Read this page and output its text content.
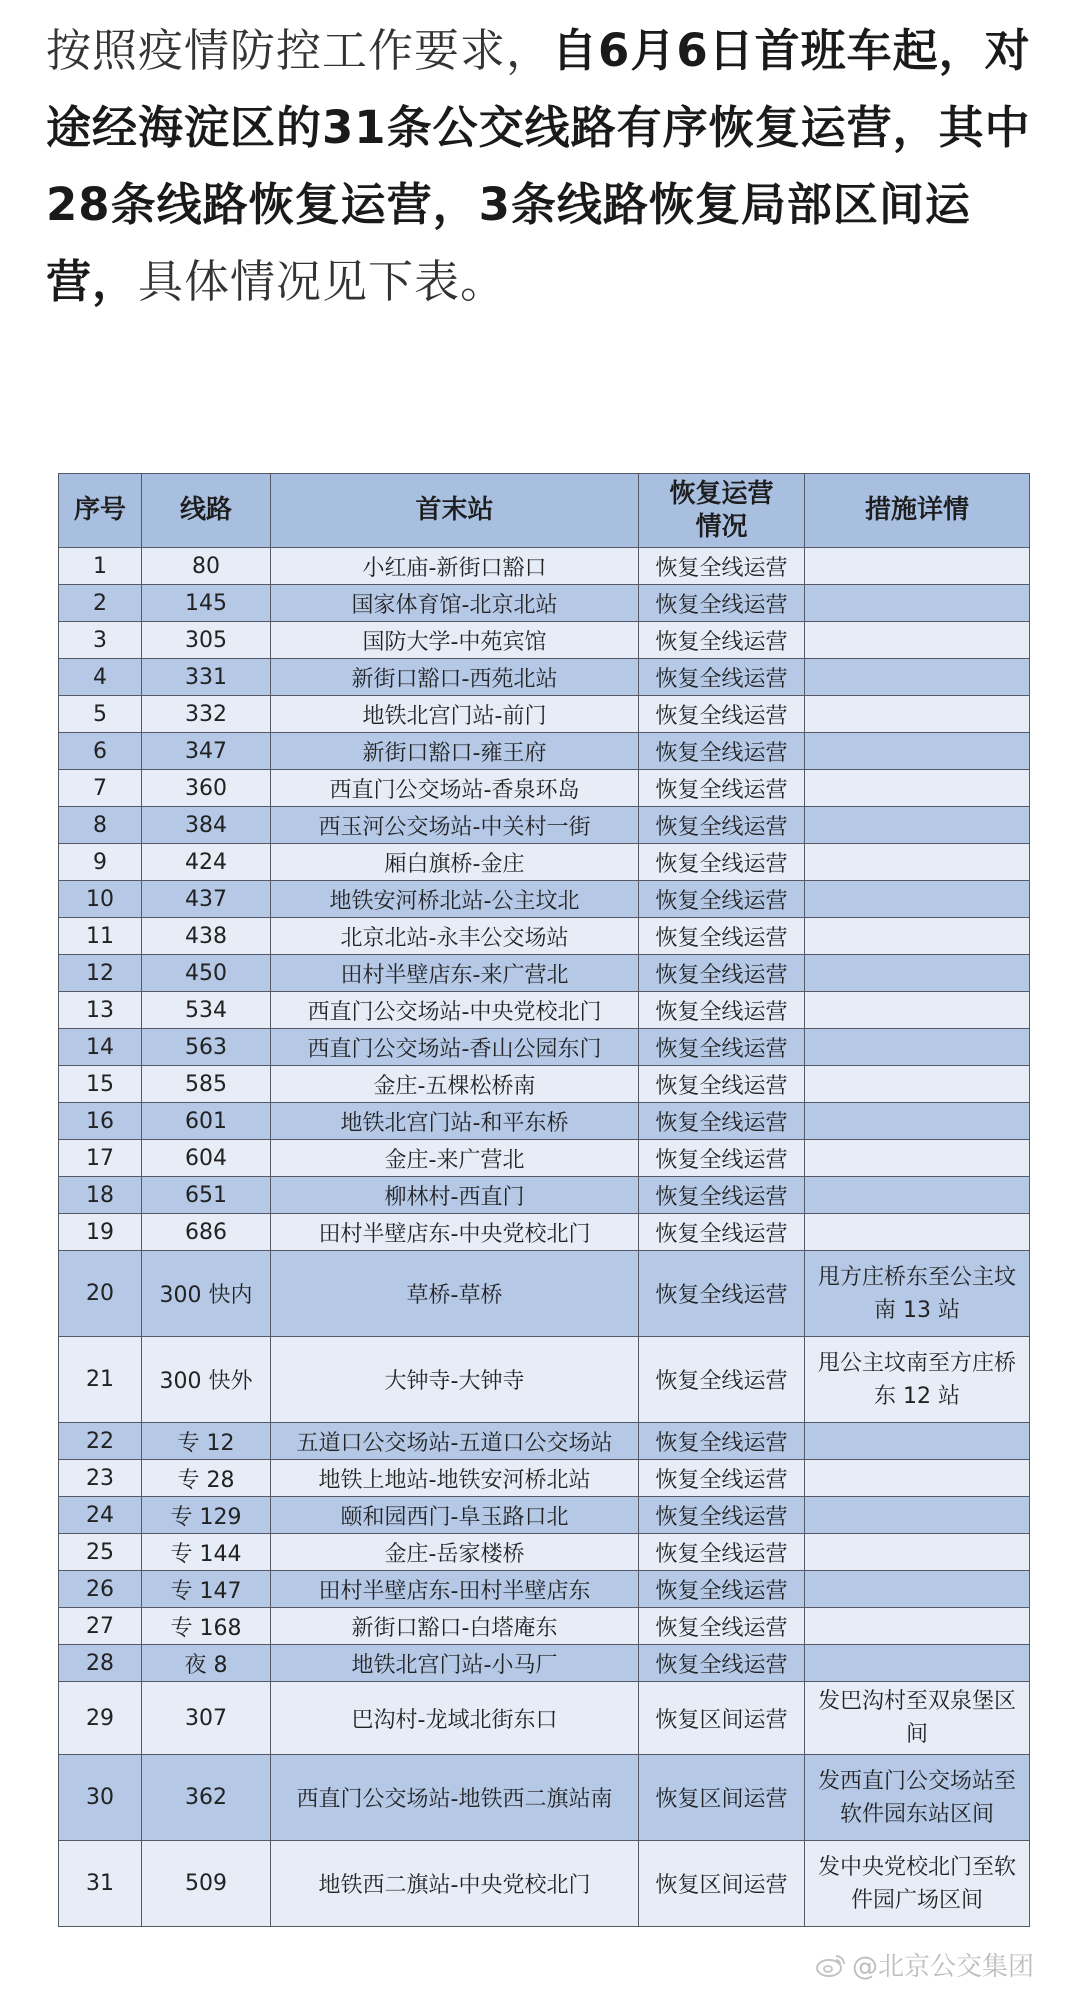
按照疫情防控工作要求，自6月6日首班车起，对途经海淀区的31条公交线路有序恢复运营，其中28条线路恢复运营，3条线路恢复局部区间运营，具体情况见下表。

序号	线路	首末站	恢复运营情况	措施详情
1	80	小红庙-新街口豁口	恢复全线运营	
2	145	国家体育馆-北京北站	恢复全线运营	
3	305	国防大学-中苑宾馆	恢复全线运营	
4	331	新街口豁口-西苑北站	恢复全线运营	
5	332	地铁北宫门站-前门	恢复全线运营	
6	347	新街口豁口-雍王府	恢复全线运营	
7	360	西直门公交场站-香泉环岛	恢复全线运营	
8	384	西玉河公交场站-中关村一街	恢复全线运营	
9	424	厢白旗桥-金庄	恢复全线运营	
10	437	地铁安河桥北站-公主坟北	恢复全线运营	
11	438	北京北站-永丰公交场站	恢复全线运营	
12	450	田村半壁店东-来广营北	恢复全线运营	
13	534	西直门公交场站-中央党校北门	恢复全线运营	
14	563	西直门公交场站-香山公园东门	恢复全线运营	
15	585	金庄-五棵松桥南	恢复全线运营	
16	601	地铁北宫门站-和平东桥	恢复全线运营	
17	604	金庄-来广营北	恢复全线运营	
18	651	柳林村-西直门	恢复全线运营	
19	686	田村半壁店东-中央党校北门	恢复全线运营	
20	300 快内	草桥-草桥	恢复全线运营	甩方庄桥东至公主坟南 13 站
21	300 快外	大钟寺-大钟寺	恢复全线运营	甩公主坟南至方庄桥东 12 站
22	专 12	五道口公交场站-五道口公交场站	恢复全线运营	
23	专 28	地铁上地站-地铁安河桥北站	恢复全线运营	
24	专 129	颐和园西门-阜玉路口北	恢复全线运营	
25	专 144	金庄-岳家楼桥	恢复全线运营	
26	专 147	田村半壁店东-田村半壁店东	恢复全线运营	
27	专 168	新街口豁口-白塔庵东	恢复全线运营	
28	夜 8	地铁北宫门站-小马厂	恢复全线运营	
29	307	巴沟村-龙域北街东口	恢复区间运营	发巴沟村至双泉堡区间
30	362	西直门公交场站-地铁西二旗站南	恢复区间运营	发西直门公交场站至软件园东站区间
31	509	地铁西二旗站-中央党校北门	恢复区间运营	发中央党校北门至软件园广场区间
@北京公交集团
